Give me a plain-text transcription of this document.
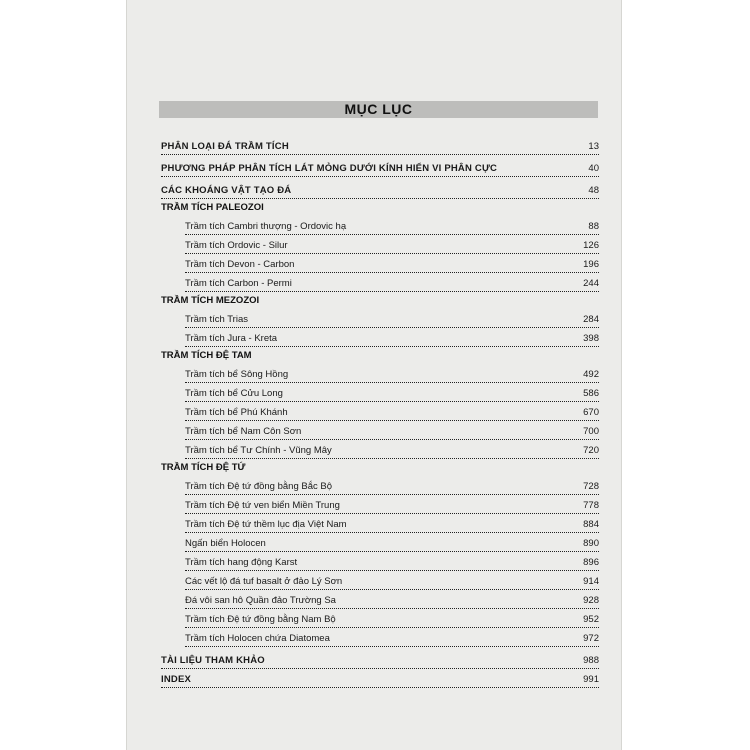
MỤC LỤC
PHÂN LOẠI ĐÁ TRẦM TÍCH	13
PHƯƠNG PHÁP PHÂN TÍCH LÁT MỎNG DƯỚI KÍNH HIỂN VI PHÂN CỰC	40
CÁC KHOÁNG VẬT TẠO ĐÁ	48
TRẦM TÍCH PALEOZOI
Trầm tích Cambri thượng - Ordovic hạ	88
Trầm tích Ordovic - Silur	126
Trầm tích Devon - Carbon	196
Trầm tích Carbon - Permi	244
TRẦM TÍCH MEZOZOI
Trầm tích Trias	284
Trầm tích Jura - Kreta	398
TRẦM TÍCH ĐỆ TAM
Trầm tích bể Sông Hồng	492
Trầm tích bể Cửu Long	586
Trầm tích bể Phú Khánh	670
Trầm tích bể Nam Côn Sơn	700
Trầm tích bể Tư Chính - Vũng Mây	720
TRẦM TÍCH ĐỆ TỨ
Trầm tích Đệ tứ đồng bằng Bắc Bộ	728
Trầm tích Đệ tứ ven biển Miền Trung	778
Trầm tích Đệ tứ thềm lục địa Việt Nam	884
Ngấn biển Holocen	890
Trầm tích hang động Karst	896
Các vết lộ đá tuf basalt ở đảo Lý Sơn	914
Đá vôi san hô Quần đảo Trường Sa	928
Trầm tích Đệ tứ đồng bằng Nam Bộ	952
Trầm tích Holocen chứa Diatomea	972
TÀI LIỆU THAM KHẢO	988
INDEX	991
